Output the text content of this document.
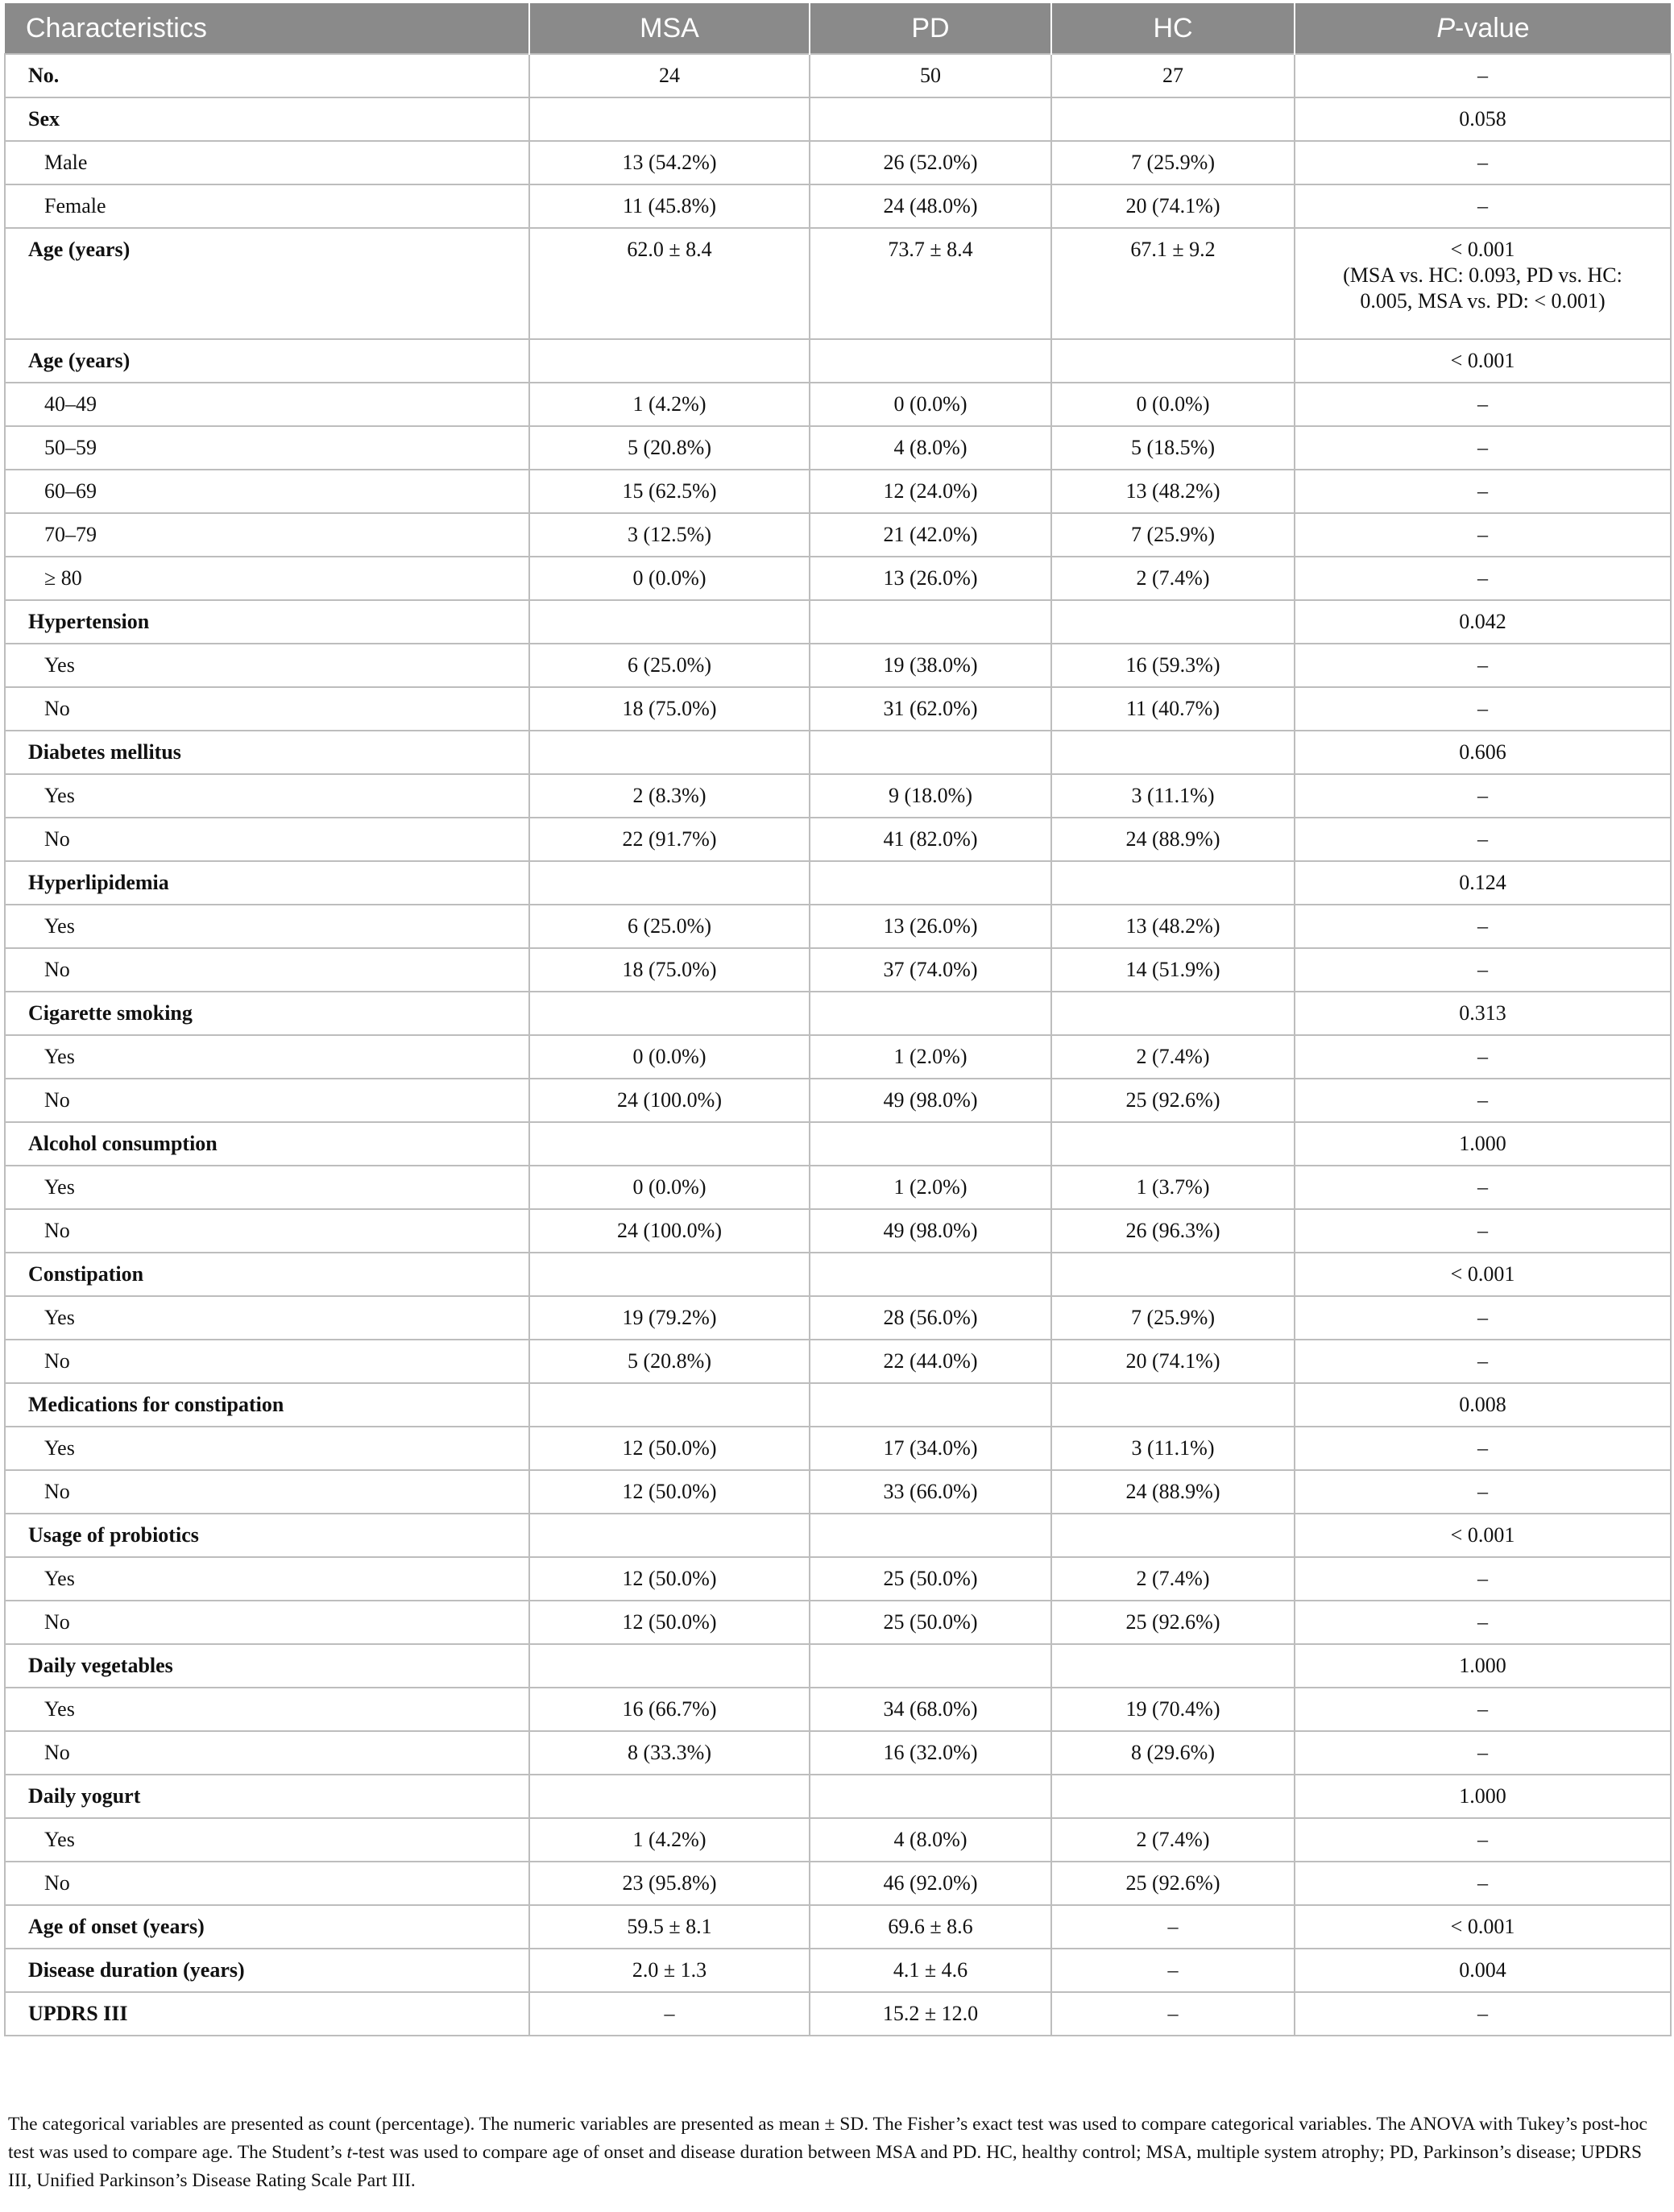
Characteristics	MSA	PD	HC	P-value

No.	24	50	27	–

Sex				0.058

Male	13 (54.2%)	26 (52.0%)	7 (25.9%)	–

Female	11 (45.8%)	24 (48.0%)	20 (74.1%)	–

Age (years)	62.0 ± 8.4	73.7 ± 8.4	67.1 ± 9.2	< 0.001
(MSA vs. HC: 0.093, PD vs. HC:
0.005, MSA vs. PD: < 0.001)

Age (years)				< 0.001

40–49	1 (4.2%)	0 (0.0%)	0 (0.0%)	–

50–59	5 (20.8%)	4 (8.0%)	5 (18.5%)	–

60–69	15 (62.5%)	12 (24.0%)	13 (48.2%)	–

70–79	3 (12.5%)	21 (42.0%)	7 (25.9%)	–

≥ 80	0 (0.0%)	13 (26.0%)	2 (7.4%)	–

Hypertension				0.042

Yes	6 (25.0%)	19 (38.0%)	16 (59.3%)	–

No	18 (75.0%)	31 (62.0%)	11 (40.7%)	–

Diabetes mellitus				0.606

Yes	2 (8.3%)	9 (18.0%)	3 (11.1%)	–

No	22 (91.7%)	41 (82.0%)	24 (88.9%)	–

Hyperlipidemia				0.124

Yes	6 (25.0%)	13 (26.0%)	13 (48.2%)	–

No	18 (75.0%)	37 (74.0%)	14 (51.9%)	–

Cigarette smoking				0.313

Yes	0 (0.0%)	1 (2.0%)	2 (7.4%)	–

No	24 (100.0%)	49 (98.0%)	25 (92.6%)	–

Alcohol consumption				1.000

Yes	0 (0.0%)	1 (2.0%)	1 (3.7%)	–

No	24 (100.0%)	49 (98.0%)	26 (96.3%)	–

Constipation				< 0.001

Yes	19 (79.2%)	28 (56.0%)	7 (25.9%)	–

No	5 (20.8%)	22 (44.0%)	20 (74.1%)	–

Medications for constipation				0.008

Yes	12 (50.0%)	17 (34.0%)	3 (11.1%)	–

No	12 (50.0%)	33 (66.0%)	24 (88.9%)	–

Usage of probiotics				< 0.001

Yes	12 (50.0%)	25 (50.0%)	2 (7.4%)	–

No	12 (50.0%)	25 (50.0%)	25 (92.6%)	–

Daily vegetables				1.000

Yes	16 (66.7%)	34 (68.0%)	19 (70.4%)	–

No	8 (33.3%)	16 (32.0%)	8 (29.6%)	–

Daily yogurt				1.000

Yes	1 (4.2%)	4 (8.0%)	2 (7.4%)	–

No	23 (95.8%)	46 (92.0%)	25 (92.6%)	–

Age of onset (years)	59.5 ± 8.1	69.6 ± 8.6	–	< 0.001

Disease duration (years)	2.0 ± 1.3	4.1 ± 4.6	–	0.004

UPDRS III	–	15.2 ± 12.0	–	–
The categorical variables are presented as count (percentage). The numeric variables are presented as mean ± SD. The Fisher’s exact test was used to compare categorical variables. The ANOVA with Tukey’s post-hoc test was used to compare age. The Student’s t-test was used to compare age of onset and disease duration between MSA and PD. HC, healthy control; MSA, multiple system atrophy; PD, Parkinson’s disease; UPDRS III, Unified Parkinson’s Disease Rating Scale Part III.
